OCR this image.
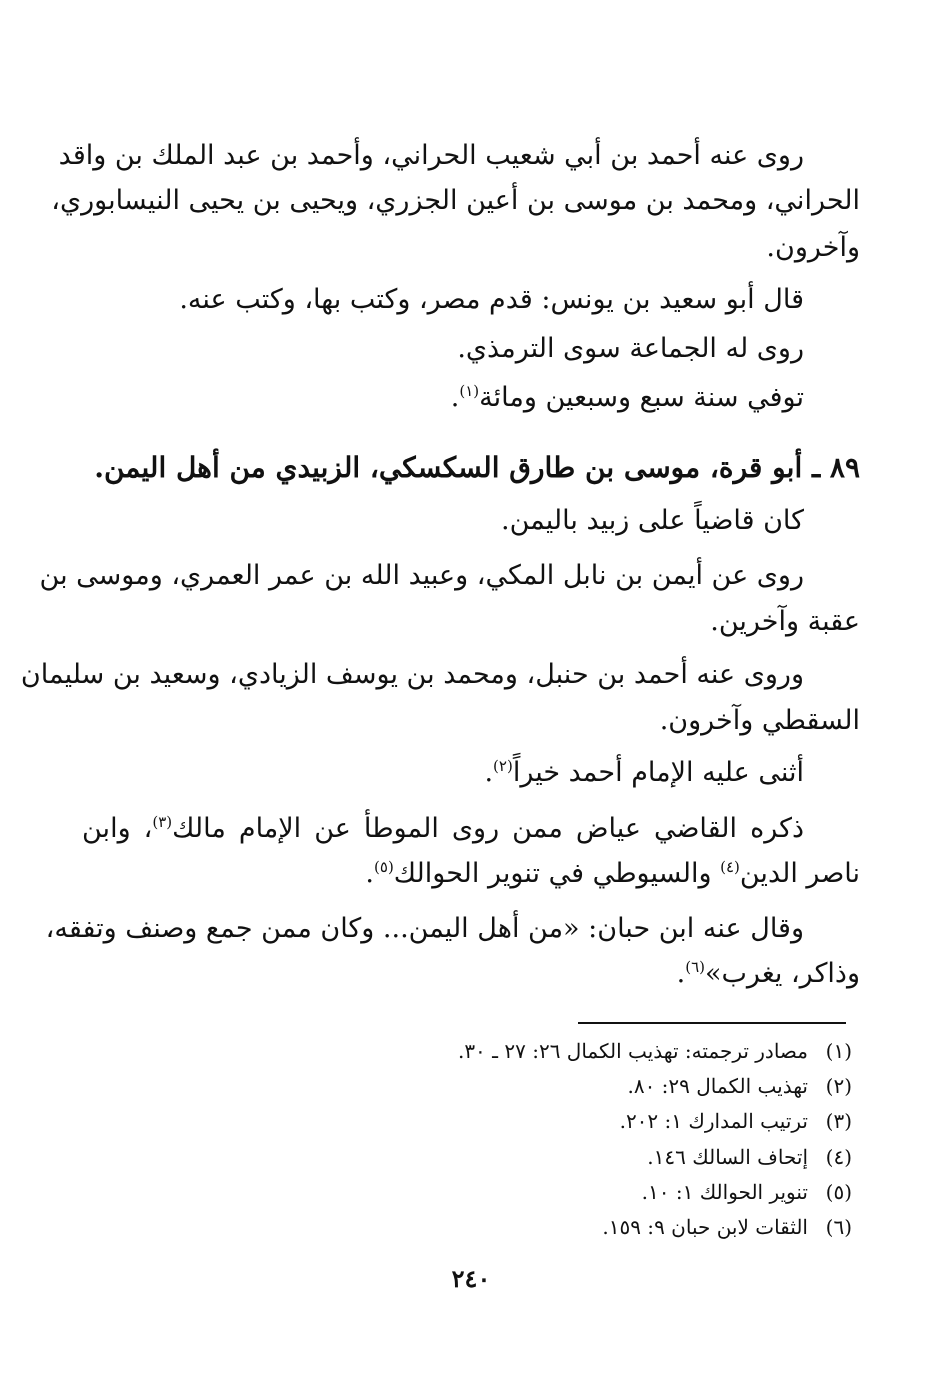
روى عنه أحمد بن أبي شعيب الحراني، وأحمد بن عبد الملك بن واقد
الحراني، ومحمد بن موسى بن أعين الجزري، ويحيى بن يحيى النيسابوري،
وآخرون.
قال أبو سعيد بن يونس: قدم مصر، وكتب بها، وكتب عنه.
روى له الجماعة سوى الترمذي.
توفي سنة سبع وسبعين ومائة$^{(١)}$.
٨٩ ـ أبو قرة، موسى بن طارق السكسكي، الزبيدي من أهل اليمن.
كان قاضياً على زبيد باليمن.
روى عن أيمن بن نابل المكي، وعبيد الله بن عمر العمري، وموسى بن
عقبة وآخرين.
وروى عنه أحمد بن حنبل، ومحمد بن يوسف الزيادي، وسعيد بن سليمان
السقطي وآخرون.
أثنى عليه الإمام أحمد خيراً$^{(٢)}$.
ذكره القاضي عياض ممن روى الموطأ عن الإمام مالك$^{(٣)}$، وابن
ناصر الدين$^{(٤)}$ والسيوطي في تنوير الحوالك$^{(٥)}$.
وقال عنه ابن حبان: «من أهل اليمن... وكان ممن جمع وصنف وتفقه،
وذاكر، يغرب»$^{(٦)}$.
(١)مصادر ترجمته: تهذيب الكمال ٢٦: ٢٧ ـ ٣٠.
(٢)تهذيب الكمال ٢٩: ٨٠.
(٣)ترتيب المدارك ١: ٢٠٢.
(٤)إتحاف السالك ١٤٦.
(٥)تنوير الحوالك ١: ١٠.
(٦)الثقات لابن حبان ٩: ١٥٩.
٢٤٠
